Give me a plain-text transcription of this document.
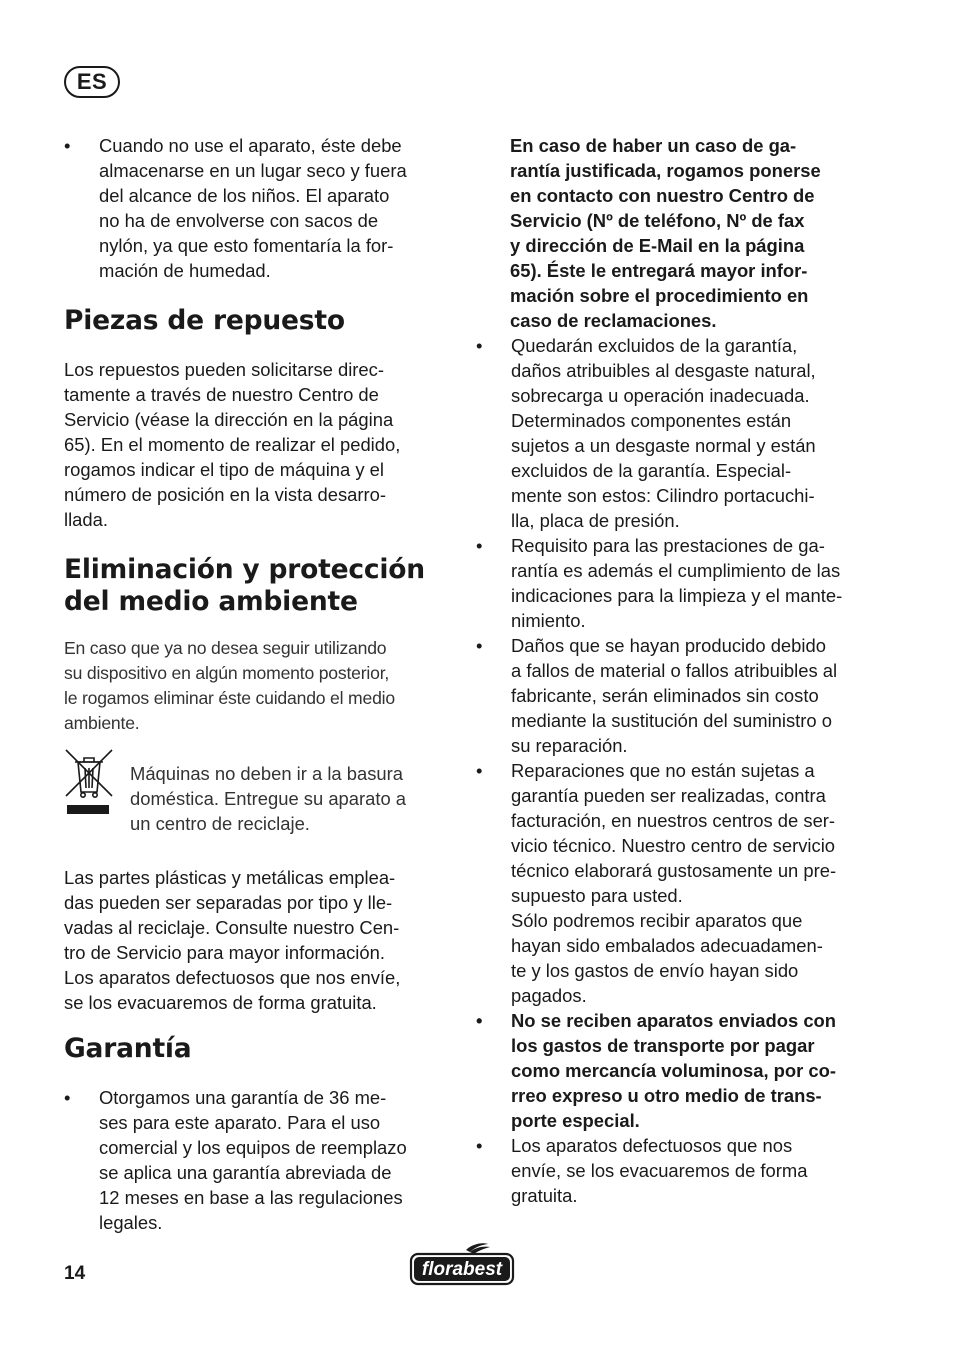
ES
•	Cuando no use el aparato, éste debe
almacenarse en un lugar seco y fuera
del alcance de los niños. El aparato
no ha de envolverse con sacos de
nylón, ya que esto fomentaría la for-
mación de humedad.
Piezas de repuesto

Los repuestos pueden solicitarse direc-
tamente a través de nuestro Centro de
Servicio (véase la dirección en la página
65). En el momento de realizar el pedido,
rogamos indicar el tipo de máquina y el
número de posición en la vista desarro-
llada.

Eliminación y protección
del medio ambiente

En caso que ya no desea seguir utilizando
su dispositivo en algún momento posterior,
le rogamos eliminar éste cuidando el medio
ambiente.

Máquinas no deben ir a la basura
doméstica. Entregue su aparato a
un centro de reciclaje.

Las partes plásticas y metálicas emplea-
das pueden ser separadas por tipo y lle-
vadas al reciclaje. Consulte nuestro Cen-
tro de Servicio para mayor información.
Los aparatos defectuosos que nos envíe,
se los evacuaremos de forma gratuita.

Garantía
•	Otorgamos una garantía de 36 me-
ses para este aparato. Para el uso
comercial y los equipos de reemplazo
se aplica una garantía abreviada de
12 meses en base a las regulaciones
legales.

En caso de haber un caso de ga-
rantía justificada, rogamos ponerse
en contacto con nuestro Centro de
Servicio (Nº de teléfono, Nº de fax
y dirección de E-Mail en la página
65). Éste le entregará mayor infor-
mación sobre el procedimiento en
caso de reclamaciones.

•	Quedarán excluidos de la garantía,
daños atribuibles al desgaste natural,
sobrecarga u operación inadecuada.
Determinados componentes están
sujetos a un desgaste normal y están
excluidos de la garantía. Especial-
mente son estos: Cilindro portacuchi-
lla, placa de presión.
•	Requisito para las prestaciones de ga-
rantía es además el cumplimiento de las
indicaciones para la limpieza y el mante-
nimiento.
•	Daños que se hayan producido debido
a fallos de material o fallos atribuibles al
fabricante, serán eliminados sin costo
mediante la sustitución del suministro o
su reparación.
•	Reparaciones que no están sujetas a
garantía pueden ser realizadas, contra
facturación, en nuestros centros de ser-
vicio técnico. Nuestro centro de servicio
técnico elaborará gustosamente un pre-
supuesto para usted.
Sólo podremos recibir aparatos que
hayan sido embalados adecuadamen-
te y los gastos de envío hayan sido
pagados.
•	No se reciben aparatos enviados con
los gastos de transporte por pagar
como mercancía voluminosa, por co-
rreo expreso u otro medio de trans-
porte especial.
•	Los aparatos defectuosos que nos
envíe, se los evacuaremos de forma
gratuita.
14	florabest
